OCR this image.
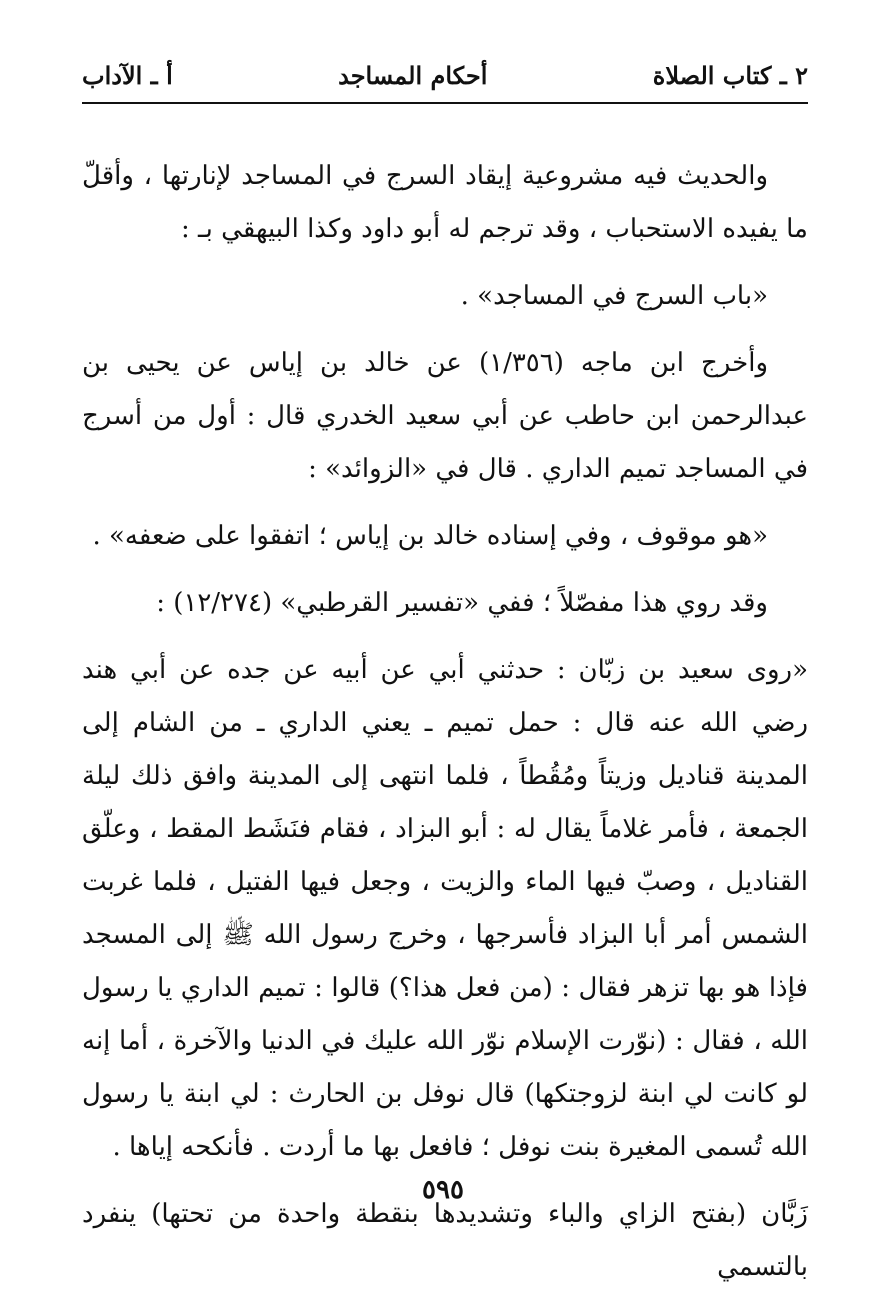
٢ ـ كتاب الصلاة
أحكام المساجد
أ ـ الآداب

والحديث فيه مشروعية إيقاد السرج في المساجد لإنارتها ، وأقلّ ما يفيده الاستحباب ، وقد ترجم له أبو داود وكذا البيهقي بـ :

«باب السرج في المساجد» .

وأخرج ابن ماجه (١/٣٥٦) عن خالد بن إياس عن يحيى بن عبدالرحمن ابن حاطب عن أبي سعيد الخدري قال : أول من أسرج في المساجد تميم الداري . قال في «الزوائد» :

«هو موقوف ، وفي إسناده خالد بن إياس ؛ اتفقوا على ضعفه» .

وقد روي هذا مفصّلاً ؛ ففي «تفسير القرطبي» (١٢/٢٧٤) :

«روى سعيد بن زبّان : حدثني أبي عن أبيه عن جده عن أبي هند رضي الله عنه قال : حمل تميم ـ يعني الداري ـ من الشام إلى المدينة قناديل وزيتاً ومُقُطاً ، فلما انتهى إلى المدينة وافق ذلك ليلة الجمعة ، فأمر غلاماً يقال له : أبو البزاد ، فقام فنَشَط المقط ، وعلّق القناديل ، وصبّ فيها الماء والزيت ، وجعل فيها الفتيل ، فلما غربت الشمس أمر أبا البزاد فأسرجها ، وخرج رسول الله ﷺ إلى المسجد فإذا هو بها تزهر فقال : (من فعل هذا؟) قالوا : تميم الداري يا رسول الله ، فقال : (نوّرت الإسلام نوّر الله عليك في الدنيا والآخرة ، أما إنه لو كانت لي ابنة لزوجتكها) قال نوفل بن الحارث : لي ابنة يا رسول الله تُسمى المغيرة بنت نوفل ؛ فافعل بها ما أردت . فأنكحه إياها .

زَبَّان (بفتح الزاي والباء وتشديدها بنقطة واحدة من تحتها) ينفرد بالتسمي

٥٩٥
